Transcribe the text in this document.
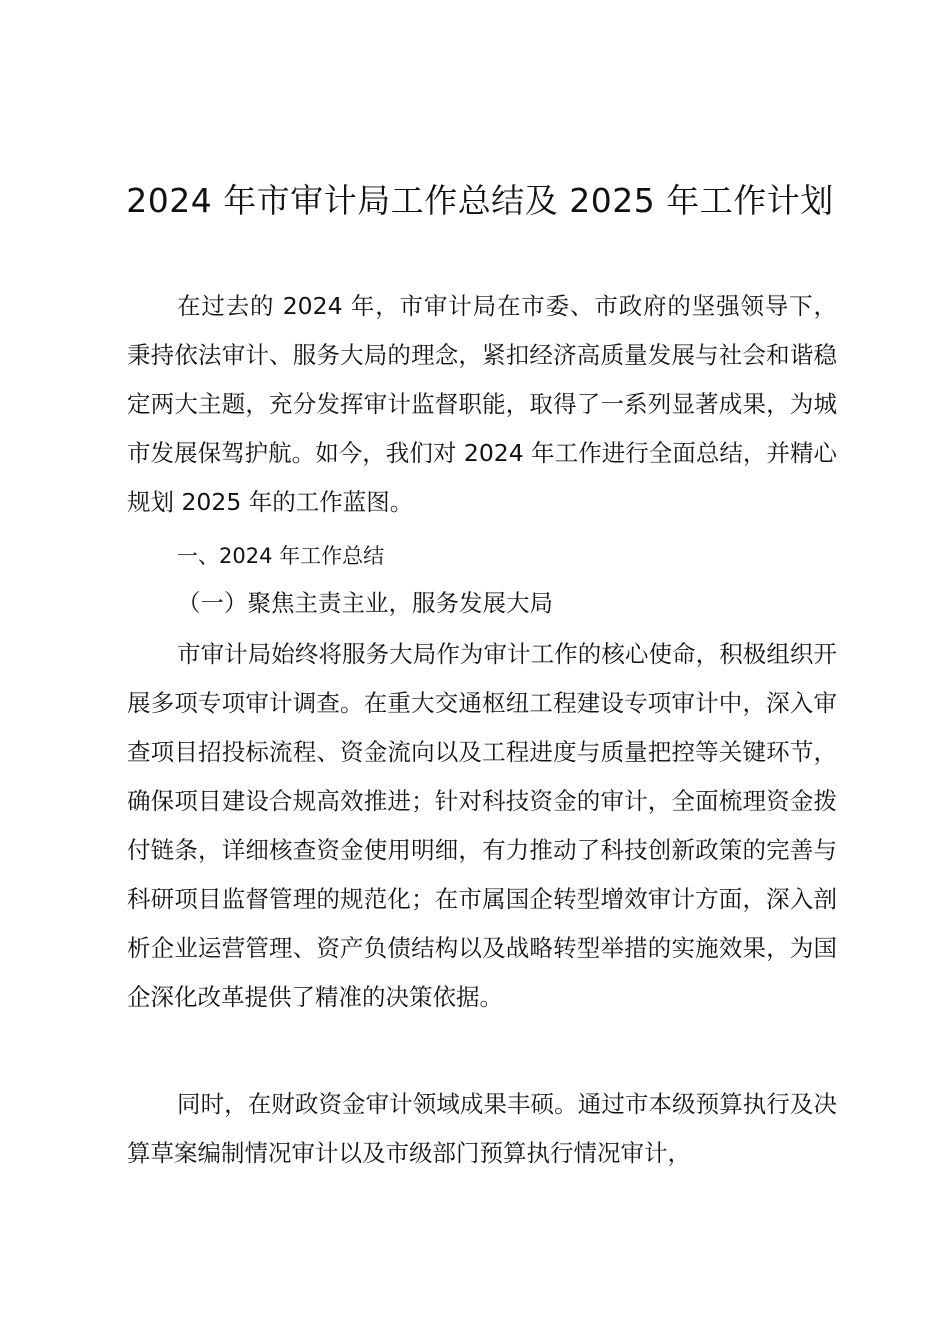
2024 年市审计局工作总结及 2025 年工作计划

在过去的 2024 年，市审计局在市委、市政府的坚强领导下，秉持依法审计、服务大局的理念，紧扣经济高质量发展与社会和谐稳定两大主题，充分发挥审计监督职能，取得了一系列显著成果，为城市发展保驾护航。如今，我们对 2024 年工作进行全面总结，并精心规划 2025 年的工作蓝图。

一、2024 年工作总结

（一）聚焦主责主业，服务发展大局

市审计局始终将服务大局作为审计工作的核心使命，积极组织开展多项专项审计调查。在重大交通枢纽工程建设专项审计中，深入审查项目招投标流程、资金流向以及工程进度与质量把控等关键环节，确保项目建设合规高效推进；针对科技资金的审计，全面梳理资金拨付链条，详细核查资金使用明细，有力推动了科技创新政策的完善与科研项目监督管理的规范化；在市属国企转型增效审计方面，深入剖析企业运营管理、资产负债结构以及战略转型举措的实施效果，为国企深化改革提供了精准的决策依据。

同时，在财政资金审计领域成果丰硕。通过市本级预算执行及决算草案编制情况审计以及市级部门预算执行情况审计，
